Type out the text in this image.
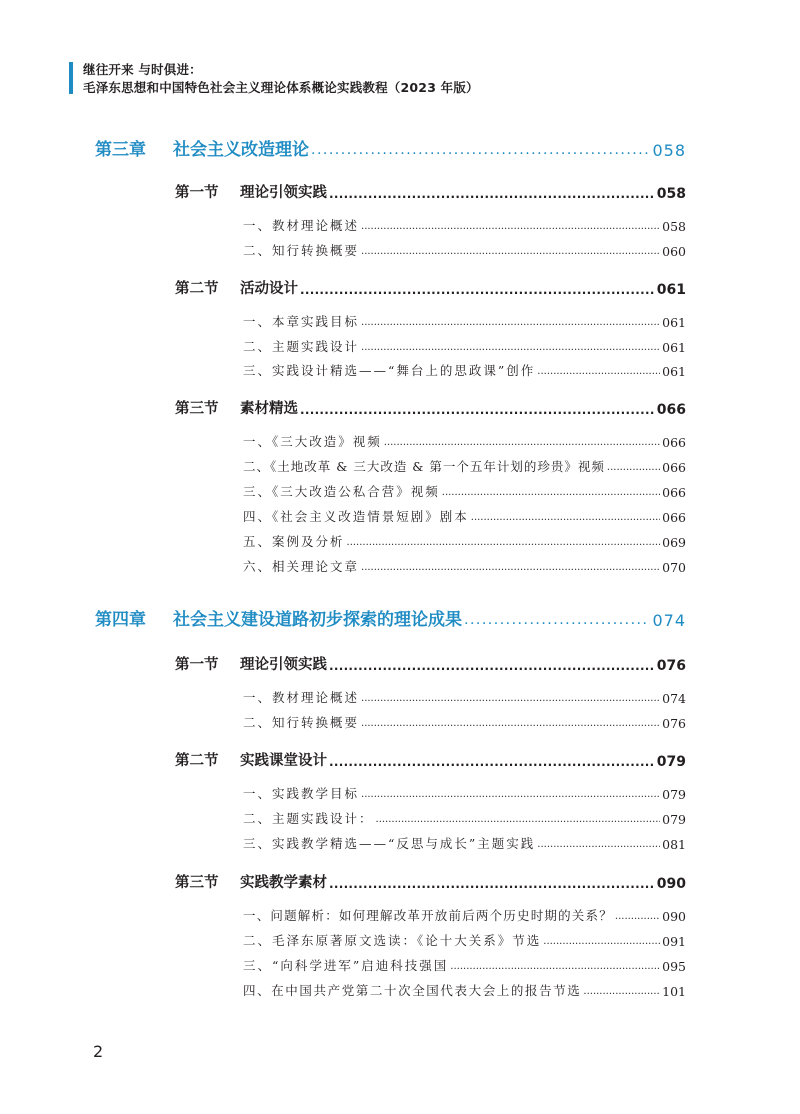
继往开来 与时俱进：
毛泽东思想和中国特色社会主义理论体系概论实践教程（2023 年版）
第三章	社会主义改造理论 .....	058
第一节	理论引领实践 .....	058
一、教材理论概述 .....	058
二、知行转换概要 .....	060
第二节	活动设计 .....	061
一、本章实践目标 .....	061
二、主题实践设计 .....	061
三、实践设计精选——“舞台上的思政课”创作 .....	061
第三节	素材精选 .....	066
一、《三大改造》视频 .....	066
二、《土地改革 & 三大改造 & 第一个五年计划的珍贵》视频 .....	066
三、《三大改造公私合营》视频 .....	066
四、《社会主义改造情景短剧》剧本 .....	066
五、案例及分析 .....	069
六、相关理论文章 .....	070
第四章	社会主义建设道路初步探索的理论成果 .....	074
第一节	理论引领实践 .....	076
一、教材理论概述 .....	074
二、知行转换概要 .....	076
第二节	实践课堂设计 .....	079
一、实践教学目标 .....	079
二、主题实践设计： .....	079
三、实践教学精选——“反思与成长”主题实践 .....	081
第三节	实践教学素材 .....	090
一、问题解析：如何理解改革开放前后两个历史时期的关系？ .....	090
二、毛泽东原著原文选读：《论十大关系》节选 .....	091
三、“向科学进军”启迪科技强国 .....	095
四、在中国共产党第二十次全国代表大会上的报告节选 .....	101
2
